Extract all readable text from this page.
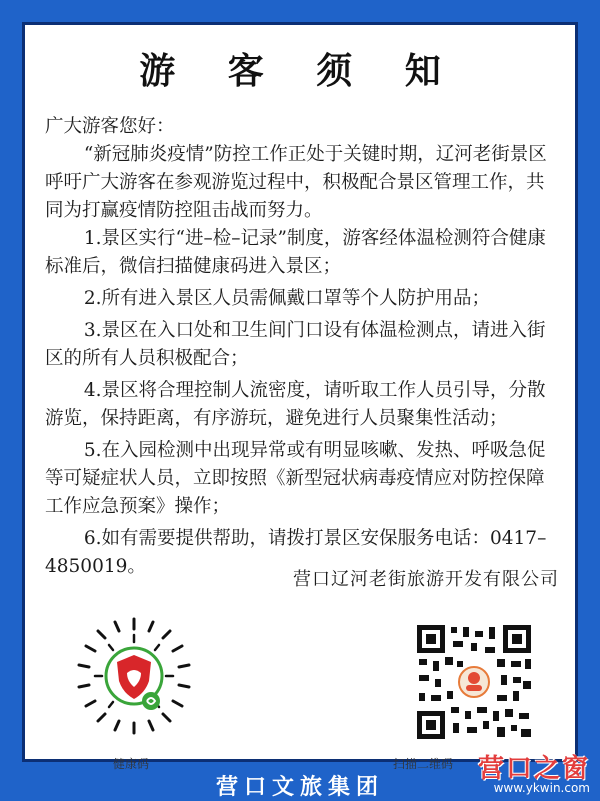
游 客 须 知

广大游客您好：

“新冠肺炎疫情”防控工作正处于关键时期，辽河老街景区呼吁广大游客在参观游览过程中，积极配合景区管理工作，共同为打赢疫情防控阻击战而努力。

1.景区实行“进–检–记录”制度，游客经体温检测符合健康标准后，微信扫描健康码进入景区；

2.所有进入景区人员需佩戴口罩等个人防护用品；

3.景区在入口处和卫生间门口设有体温检测点，请进入街区的所有人员积极配合；

4.景区将合理控制人流密度，请听取工作人员引导，分散游览，保持距离，有序游玩，避免进行人员聚集性活动；

5.在入园检测中出现异常或有明显咳嗽、发热、呼吸急促等可疑症状人员，立即按照《新型冠状病毒疫情应对防控保障工作应急预案》操作；

6.如有需要提供帮助，请拨打景区安保服务电话：0417–4850019。

营口辽河老街旅游开发有限公司
健康码	扫描二维码
营口文旅集团
营口之窗
www.ykwin.com
